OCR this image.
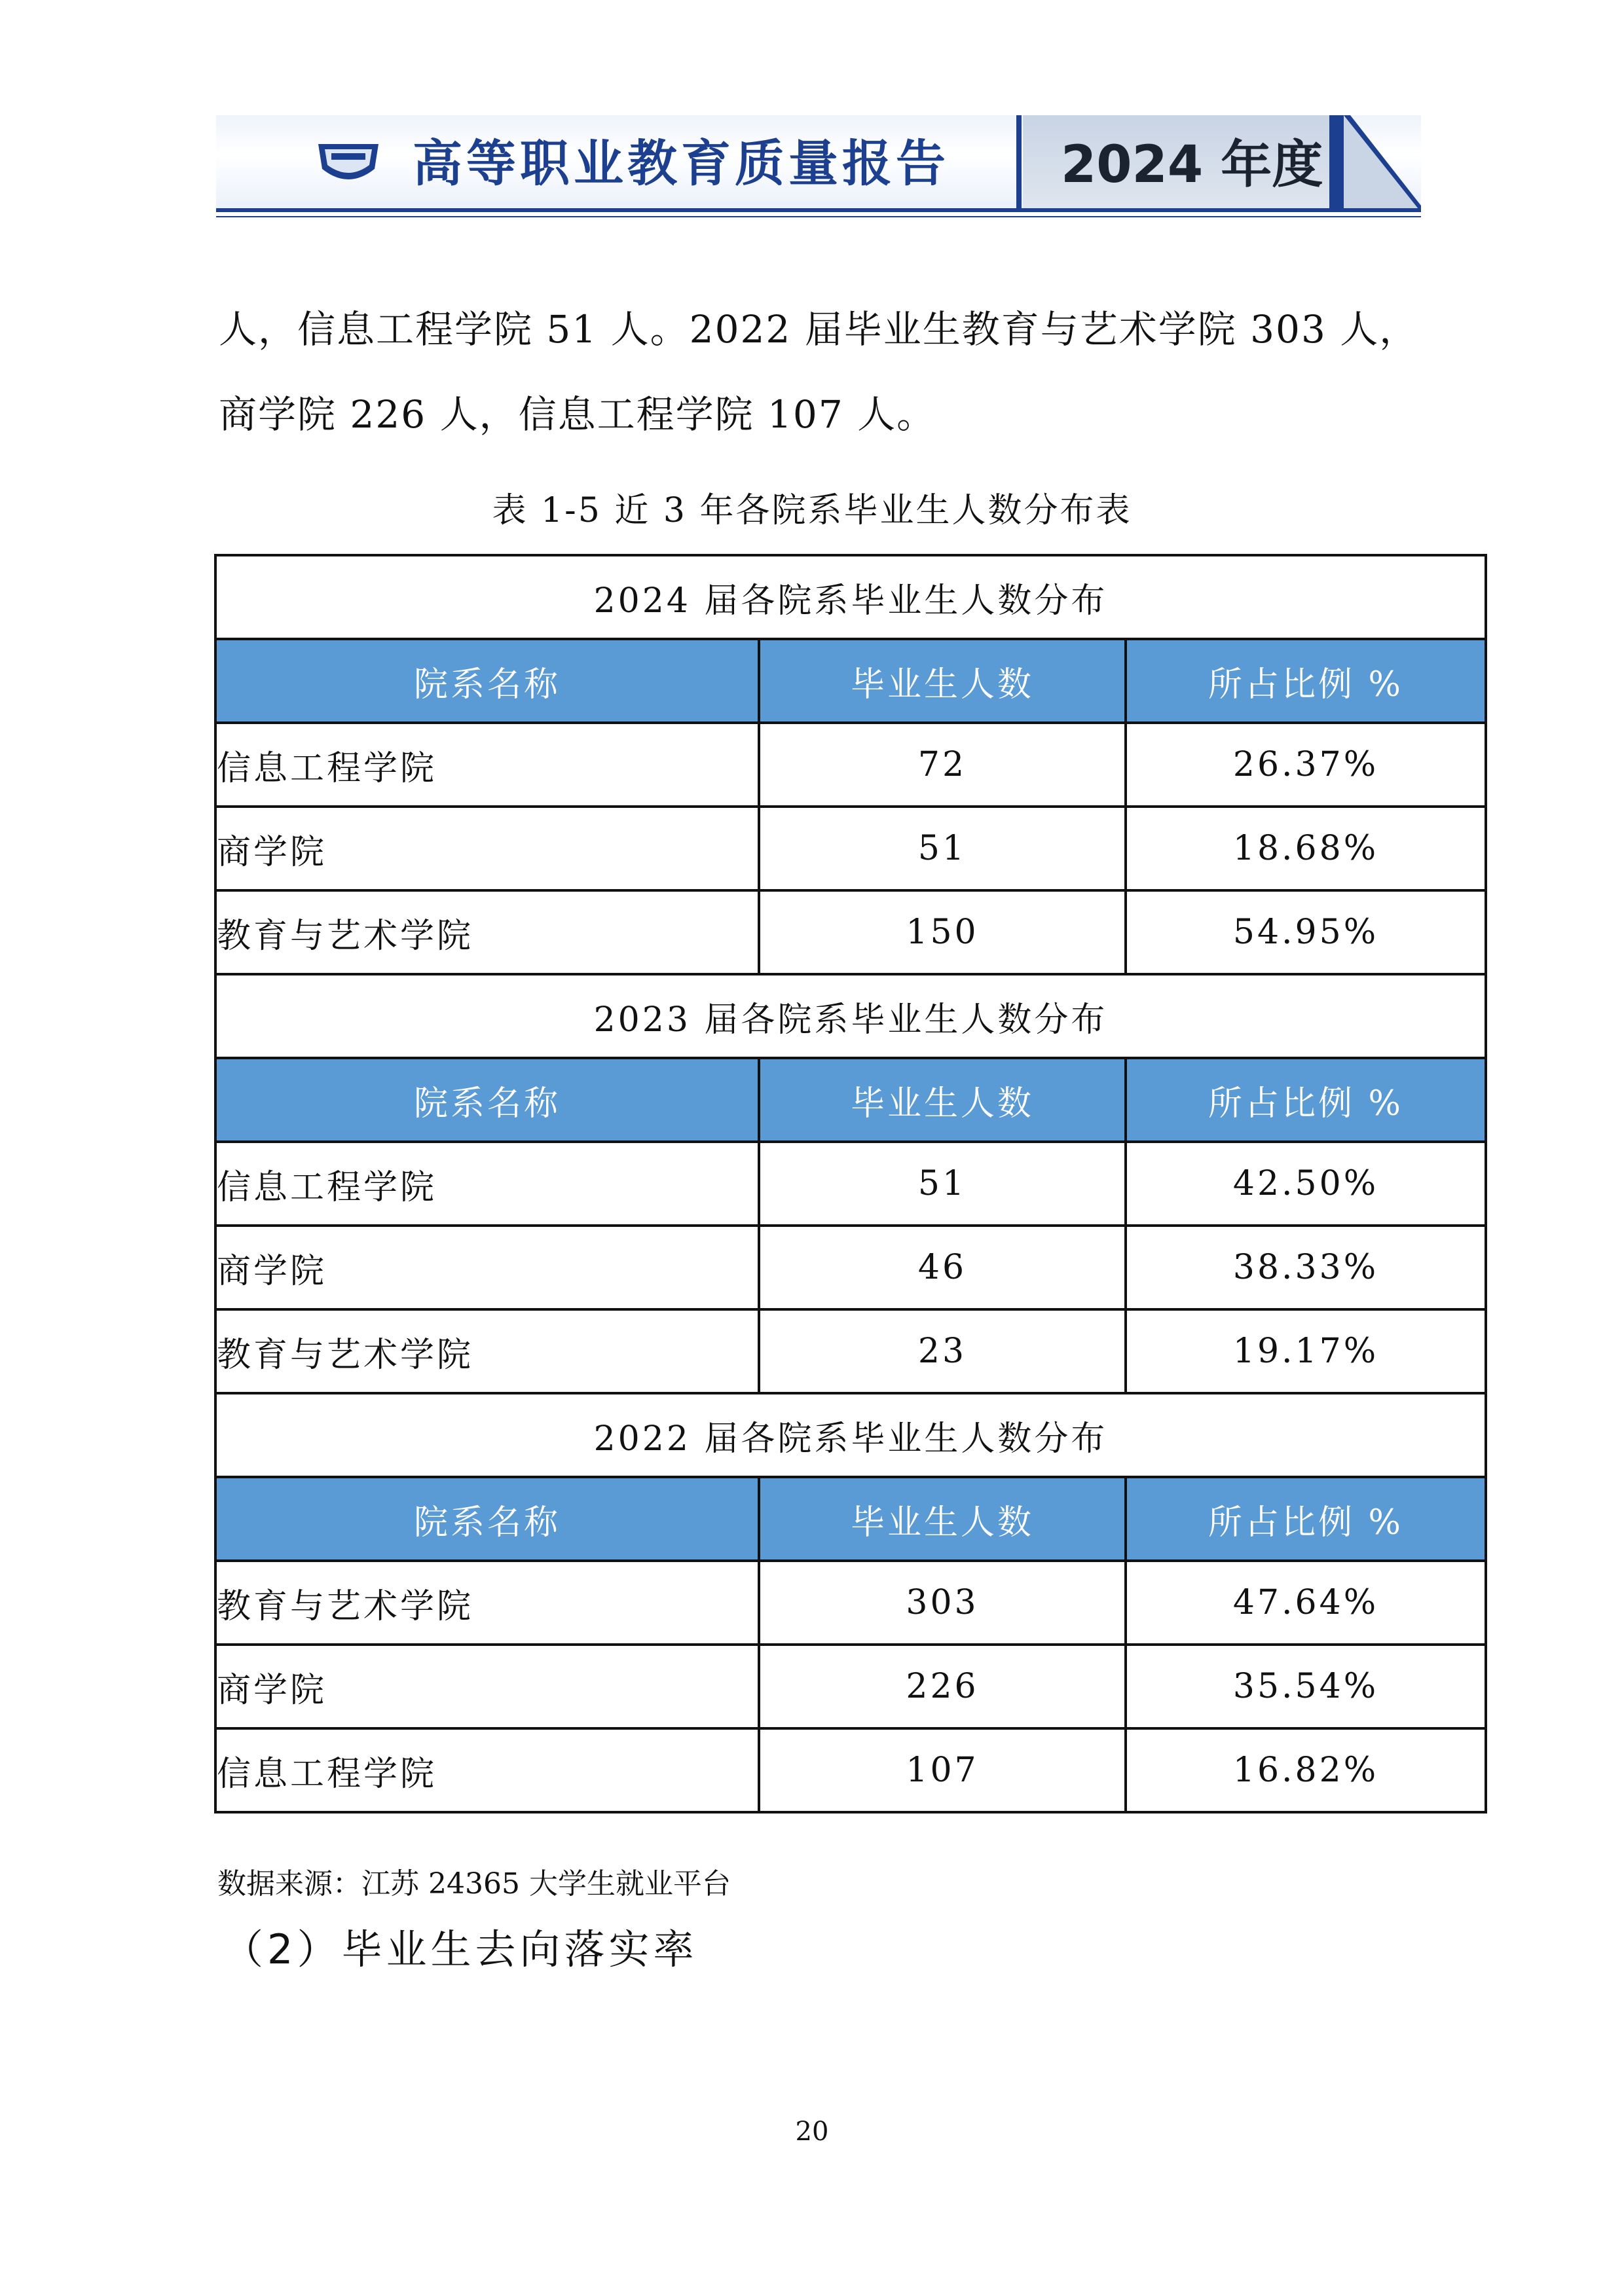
高等职业教育质量报告 2024 年度
人，信息工程学院 51 人。2022 届毕业生教育与艺术学院 303 人，
商学院 226 人，信息工程学院 107 人。
表 1-5 近 3 年各院系毕业生人数分布表
2024 届各院系毕业生人数分布		
院系名称	毕业生人数	所占比例 %
信息工程学院	72	26.37%
商学院	51	18.68%
教育与艺术学院	150	54.95%
2023 届各院系毕业生人数分布		
院系名称	毕业生人数	所占比例 %
信息工程学院	51	42.50%
商学院	46	38.33%
教育与艺术学院	23	19.17%
2022 届各院系毕业生人数分布		
院系名称	毕业生人数	所占比例 %
教育与艺术学院	303	47.64%
商学院	226	35.54%
信息工程学院	107	16.82%
数据来源：江苏 24365 大学生就业平台
（2）毕业生去向落实率
20
